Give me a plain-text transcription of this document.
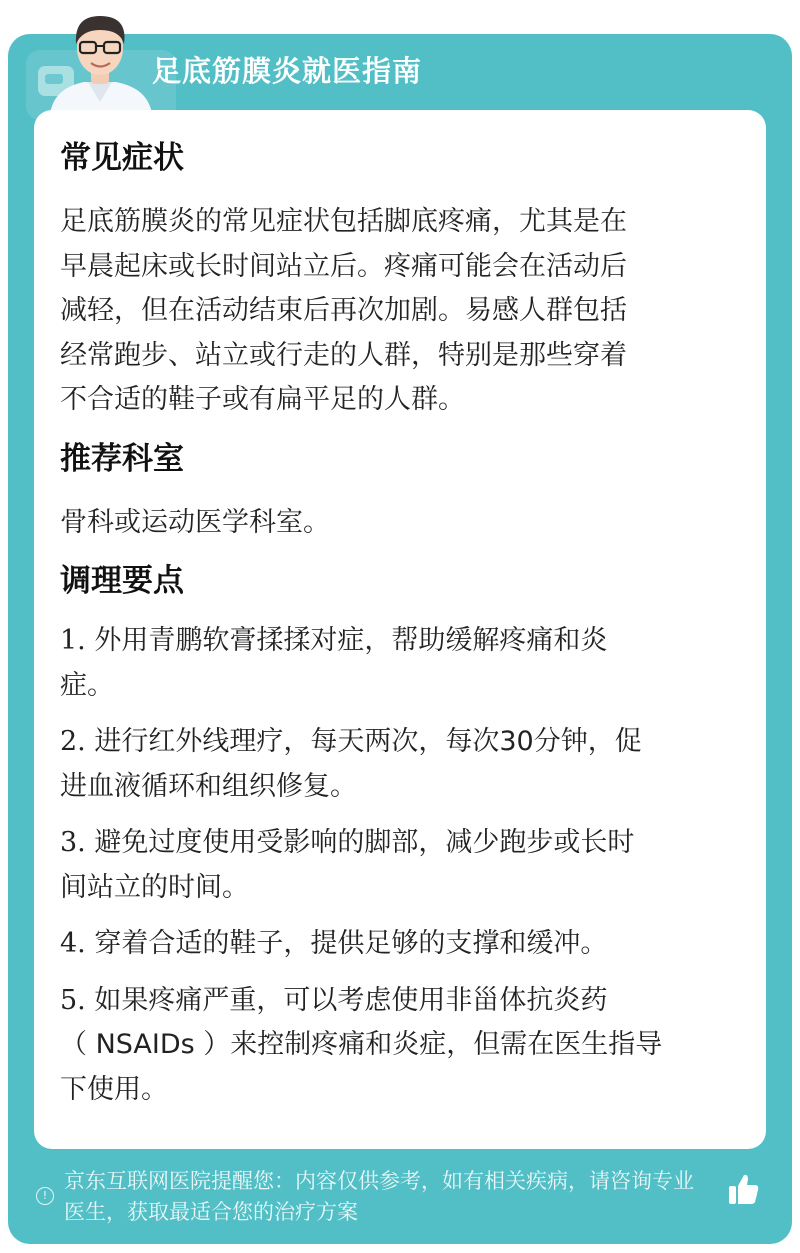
足底筋膜炎就医指南
常见症状
足底筋膜炎的常见症状包括脚底疼痛，尤其是在
早晨起床或长时间站立后。疼痛可能会在活动后
减轻，但在活动结束后再次加剧。易感人群包括
经常跑步、站立或行走的人群，特别是那些穿着
不合适的鞋子或有扁平足的人群。
推荐科室
骨科或运动医学科室。
调理要点
1. 外用青鹏软膏揉揉对症，帮助缓解疼痛和炎
症。
2. 进行红外线理疗，每天两次，每次30分钟，促
进血液循环和组织修复。
3. 避免过度使用受影响的脚部，减少跑步或长时
间站立的时间。
4. 穿着合适的鞋子，提供足够的支撑和缓冲。
5. 如果疼痛严重，可以考虑使用非甾体抗炎药
（ NSAIDs ）来控制疼痛和炎症，但需在医生指导
下使用。
!
京东互联网医院提醒您：内容仅供参考，如有相关疾病，请咨询专业
医生，获取最适合您的治疗方案
